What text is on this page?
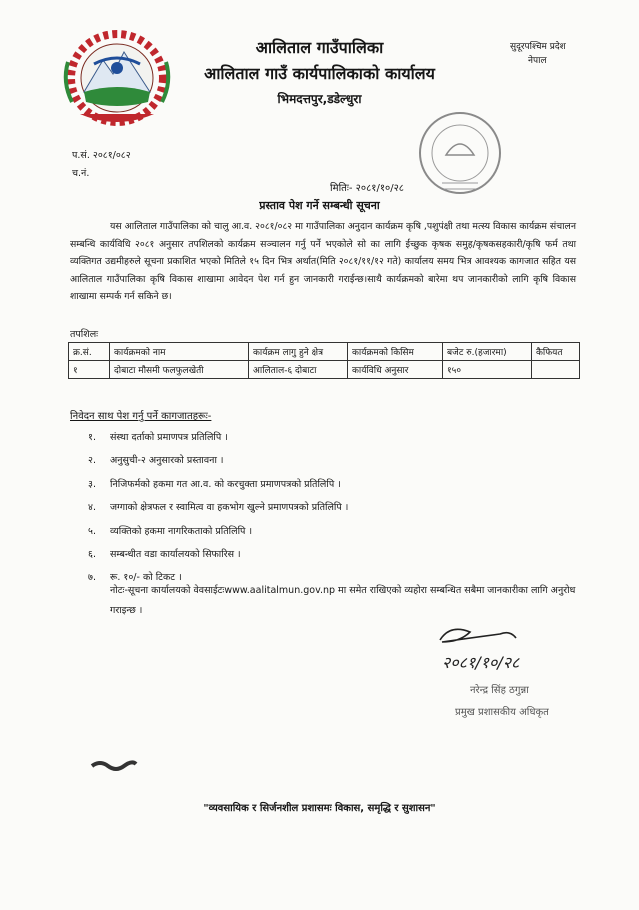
आलिताल गाउँपालिका
आलिताल गाउँ कार्यपालिकाको कार्यालय
भिमदत्तपुर,डडेल्धुरा
सुदूरपश्चिम प्रदेश
नेपाल
प.सं. २०८१/०८२
च.नं.
मितिः- २०८१/१०/२८
प्रस्ताव पेश गर्ने सम्बन्धी सूचना
यस आलिताल गाउँपालिका को चालु आ.व. २०८१/०८२ मा गाउँपालिका अनुदान कार्यक्रम कृषि ,पशुपंक्षी तथा मत्स्य विकास कार्यक्रम संचालन सम्बन्धि कार्यविधि २०८१ अनुसार तपशिलको कार्यक्रम सञ्चालन गर्नु पर्ने भएकोले सो का लागि ईच्छुक कृषक समुह/कृषकसहकारी/कृषि फर्म तथा व्यक्तिगत उद्यमीहरुले सूचना प्रकाशित भएको मितिले १५ दिन भित्र अर्थात(मिति २०८१/११/१२ गते) कार्यालय समय भित्र आवश्यक कागजात सहित यस आलिताल गाउँपालिका कृषि विकास शाखामा आवेदन पेश गर्न हुन जानकारी गराईन्छ।साथै कार्यक्रमको बारेमा थप जानकारीको लागि कृषि विकास शाखामा सम्पर्क गर्न सकिने छ।
तपशिलः
क्र.सं.	कार्यक्रमको नाम	कार्यक्रम लागु हुने क्षेत्र	कार्यक्रमको किसिम	बजेट रु.(हजारमा)	कैफियत
१	दोबाटा मौसमी फलफुलखेती	आलिताल-६ दोबाटा	कार्यविधि अनुसार	१५०	
निवेदन साथ पेश गर्नु पर्ने कागजातहरूः-
१.	संस्था दर्ताको प्रमाणपत्र प्रतिलिपि ।
२.	अनुसुची-२ अनुसारको प्रस्तावना ।
३.	निजिफर्मको हकमा गत आ.व. को करचुक्ता प्रमाणपत्रको प्रतिलिपि ।
४.	जग्गाको क्षेत्रफल र स्वामित्व वा हकभोग खुल्ने प्रमाणपत्रको प्रतिलिपि ।
५.	व्यक्तिको हकमा नागरिकताको प्रतिलिपि ।
६.	सम्बन्धीत वडा कार्यालयको सिफारिस ।
७.	रू. १०/- को टिकट ।
नोटः-सूचना कार्यालयको वेवसाईटःwww.aalitalmun.gov.np मा समेत राखिएको व्यहोरा सम्बन्धित सबैमा जानकारीका लागि अनुरोध गराइन्छ ।
२०८१/१०/२८
नरेन्द्र सिंह ठगुन्ना
प्रमुख प्रशासकीय अधिकृत
"व्यवसायिक र सिर्जनशील प्रशासमः विकास, समृद्धि र सुशासन"
